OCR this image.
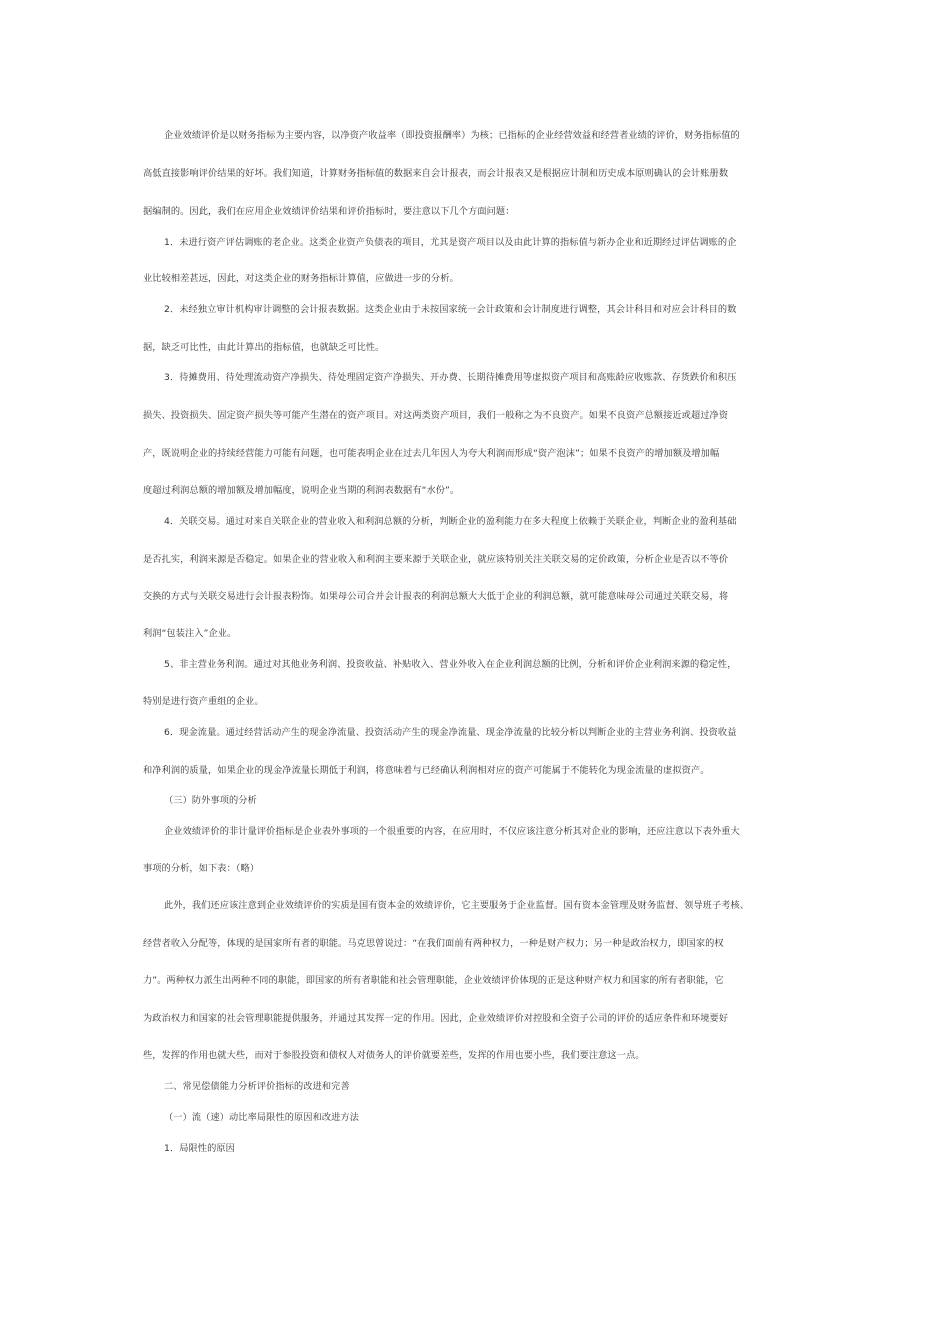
企业效绩评价是以财务指标为主要内容，以净资产收益率（即投资报酬率）为核；已指标的企业经营效益和经营者业绩的评价，财务指标值的
高低直接影响评价结果的好坏。我们知道，计算财务指标值的数据来自会计报表，而会计报表又是根据应计制和历史成本原则确认的会计账册数
据编制的。因此，我们在应用企业效绩评价结果和评价指标时，要注意以下几个方面问题：
1．未进行资产评估调账的老企业。这类企业资产负债表的项目，尤其是资产项目以及由此计算的指标值与新办企业和近期经过评估调账的企
业比较相差甚远，因此，对这类企业的财务指标计算值，应做进一步的分析。
2．未经独立审计机构审计调整的会计报表数据。这类企业由于未按国家统一会计政策和会计制度进行调整，其会计科目和对应会计科目的数
据，缺乏可比性，由此计算出的指标值，也就缺乏可比性。
3．待摊费用、待处理流动资产净损失、待处理固定资产净损失、开办费、长期待摊费用等虚拟资产项目和高账龄应收账款、存货跌价和积压
损失、投资损失、固定资产损失等可能产生潜在的资产项目。对这两类资产项目，我们一般称之为不良资产。如果不良资产总额接近或超过净资
产，既说明企业的持续经营能力可能有问题，也可能表明企业在过去几年因人为夸大利润而形成“资产泡沫”；如果不良资产的增加额及增加幅
度超过利润总额的增加额及增加幅度，说明企业当期的利润表数据有“水份”。
4．关联交易。通过对来自关联企业的营业收入和利润总额的分析，判断企业的盈利能力在多大程度上依赖于关联企业，判断企业的盈利基础
是否扎实，利润来源是否稳定。如果企业的营业收入和利润主要来源于关联企业，就应该特别关注关联交易的定价政策，分析企业是否以不等价
交换的方式与关联交易进行会计报表粉饰。如果母公司合并会计报表的利润总额大大低于企业的利润总额，就可能意味母公司通过关联交易，将
利润“包装注入”企业。
5、非主营业务利润。通过对其他业务利润、投资收益、补贴收入、营业外收入在企业利润总额的比例，分析和评价企业利润来源的稳定性，
特别是进行资产重组的企业。
6．现金流量。通过经营活动产生的现金净流量、投资活动产生的现金净流量、现金净流量的比较分析以判断企业的主营业务利润、投资收益
和净利润的质量，如果企业的现金净流量长期低于利润，将意味着与已经确认利润相对应的资产可能属于不能转化为现金流量的虚拟资产。
（三）防外事项的分析
企业效绩评价的非计量评价指标是企业表外事项的一个很重要的内容，在应用时，不仅应该注意分析其对企业的影响，还应注意以下表外重大
事项的分析，如下表：（略）
此外，我们还应该注意到企业效绩评价的实质是国有资本金的效绩评价，它主要服务于企业监督。国有资本金管理及财务监督、领导班子考核、
经营者收入分配等，体现的是国家所有者的职能。马克思曾说过：“在我们面前有两种权力，一种是财产权力；另一种是政治权力，即国家的权
力”。两种权力派生出两种不同的职能，即国家的所有者职能和社会管理职能，企业效绩评价体现的正是这种财产权力和国家的所有者职能，它
为政治权力和国家的社会管理职能提供服务，并通过其发挥一定的作用。因此，企业效绩评价对控股和全资子公司的评价的适应条件和环境要好
些，发挥的作用也就大些，而对于参股投资和债权人对债务人的评价就要差些，发挥的作用也要小些，我们要注意这一点。
二、常见偿债能力分析评价指标的改进和完善
（一）流（速）动比率局限性的原因和改进方法
1．局限性的原因
